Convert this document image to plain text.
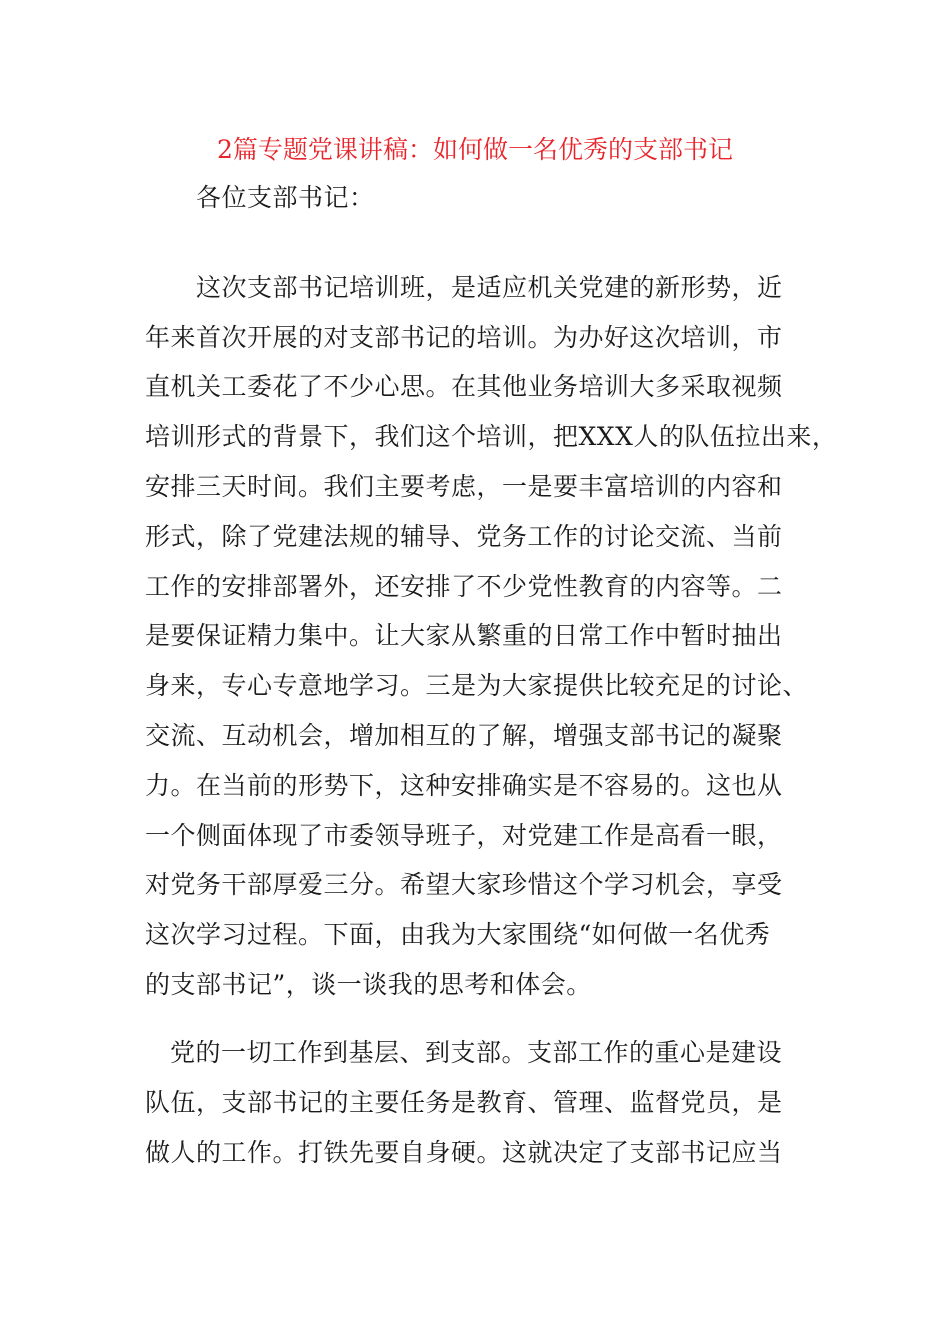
2篇专题党课讲稿：如何做一名优秀的支部书记
各位支部书记：
这次支部书记培训班，是适应机关党建的新形势，近
年来首次开展的对支部书记的培训。为办好这次培训，市
直机关工委花了不少心思。在其他业务培训大多采取视频
培训形式的背景下，我们这个培训，把XXX人的队伍拉出来，
安排三天时间。我们主要考虑，一是要丰富培训的内容和
形式，除了党建法规的辅导、党务工作的讨论交流、当前
工作的安排部署外，还安排了不少党性教育的内容等。二
是要保证精力集中。让大家从繁重的日常工作中暂时抽出
身来，专心专意地学习。三是为大家提供比较充足的讨论、
交流、互动机会，增加相互的了解，增强支部书记的凝聚
力。在当前的形势下，这种安排确实是不容易的。这也从
一个侧面体现了市委领导班子，对党建工作是高看一眼，
对党务干部厚爱三分。希望大家珍惜这个学习机会，享受
这次学习过程。下面，由我为大家围绕“如何做一名优秀
的支部书记”，谈一谈我的思考和体会。
党的一切工作到基层、到支部。支部工作的重心是建设
队伍，支部书记的主要任务是教育、管理、监督党员，是
做人的工作。打铁先要自身硬。这就决定了支部书记应当
